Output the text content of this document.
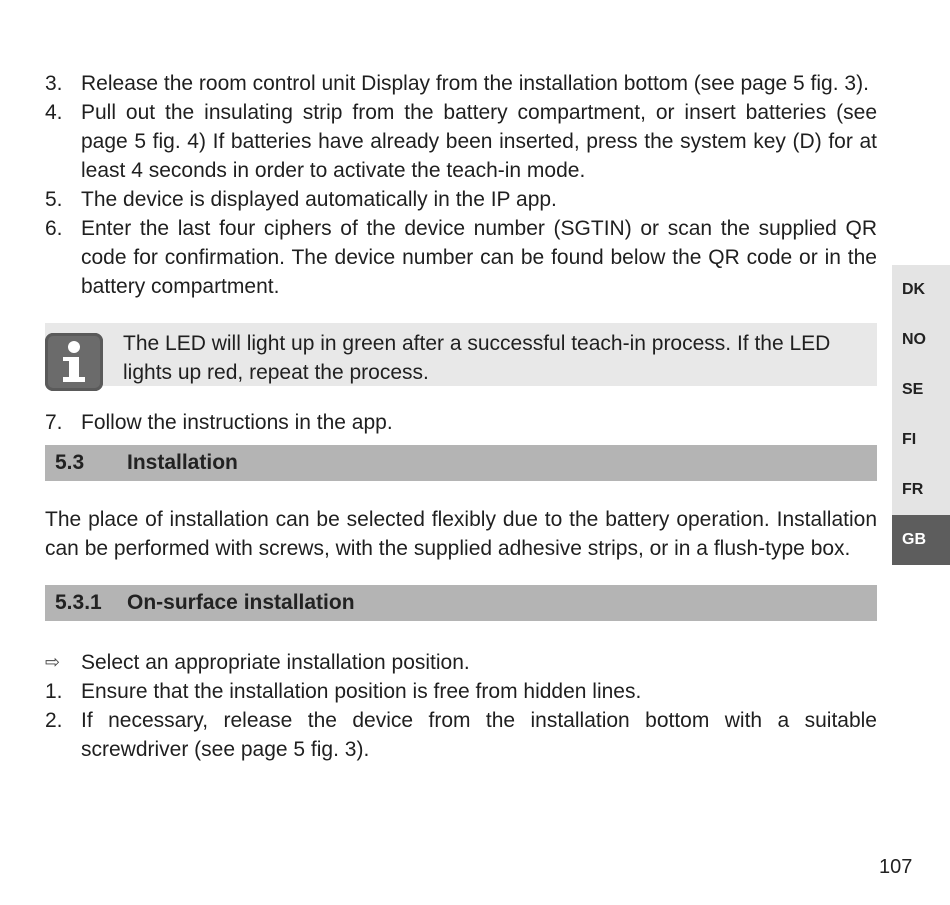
3. Release the room control unit Display from the installation bottom (see page 5 fig. 3).
4. Pull out the insulating strip from the battery compartment, or insert batteries (see page 5 fig. 4) If batteries have already been inserted, press the system key (D) for at least 4 seconds in order to activate the teach-in mode.
5. The device is displayed automatically in the IP app.
6. Enter the last four ciphers of the device number (SGTIN) or scan the supplied QR code for confirmation. The device number can be found below the QR code or in the battery compartment.
The LED will light up in green after a successful teach-in process. If the LED lights up red, repeat the process.
7. Follow the instructions in the app.
5.3	Installation
The place of installation can be selected flexibly due to the battery operation. Installation can be performed with screws, with the supplied adhesive strips, or in a flush-type box.
5.3.1	On-surface installation
⇨ Select an appropriate installation position.
1. Ensure that the installation position is free from hidden lines.
2. If necessary, release the device from the installation bottom with a suitable screwdriver (see page 5 fig. 3).
DK
NO
SE
FI
FR
GB
107
